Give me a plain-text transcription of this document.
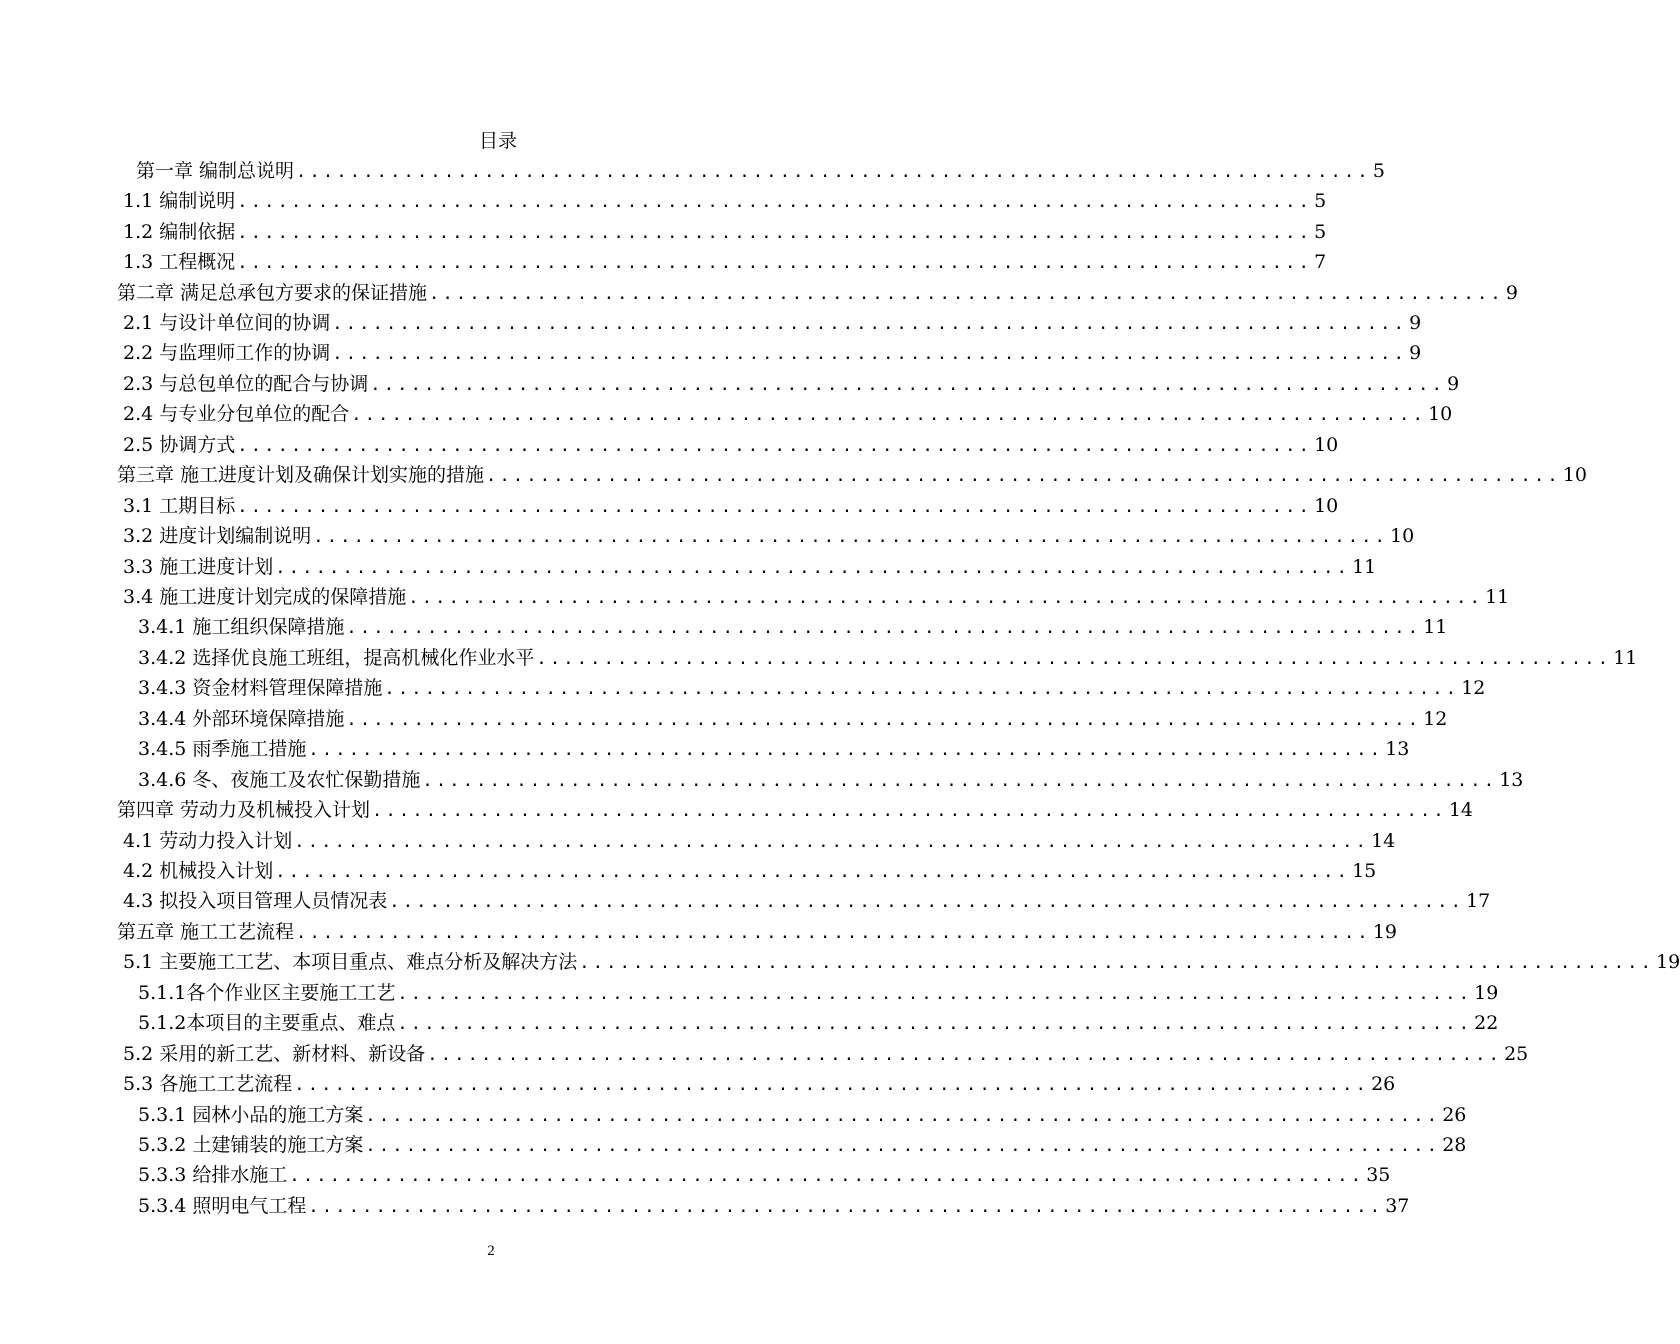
目录
第一章 编制总说明 ................................................................................ 5
1.1 编制说明 ................................................................................ 5
1.2 编制依据 ................................................................................ 5
1.3 工程概况 ................................................................................ 7
第二章 满足总承包方要求的保证措施 ................................................................................ 9
2.1 与设计单位间的协调 ................................................................................ 9
2.2 与监理师工作的协调 ................................................................................ 9
2.3 与总包单位的配合与协调 ................................................................................ 9
2.4 与专业分包单位的配合 ................................................................................ 10
2.5 协调方式 ................................................................................ 10
第三章 施工进度计划及确保计划实施的措施 ................................................................................ 10
3.1 工期目标 ................................................................................ 10
3.2 进度计划编制说明 ................................................................................ 10
3.3 施工进度计划 ................................................................................ 11
3.4 施工进度计划完成的保障措施 ................................................................................ 11
3.4.1 施工组织保障措施 ................................................................................ 11
3.4.2 选择优良施工班组，提高机械化作业水平 ................................................................................ 11
3.4.3 资金材料管理保障措施 ................................................................................ 12
3.4.4 外部环境保障措施 ................................................................................ 12
3.4.5 雨季施工措施 ................................................................................ 13
3.4.6 冬、夜施工及农忙保勤措施 ................................................................................ 13
第四章 劳动力及机械投入计划 ................................................................................ 14
4.1 劳动力投入计划 ................................................................................ 14
4.2 机械投入计划 ................................................................................ 15
4.3 拟投入项目管理人员情况表 ................................................................................ 17
第五章 施工工艺流程 ................................................................................ 19
5.1 主要施工工艺、本项目重点、难点分析及解决方法 ................................................................................ 19
5.1.1各个作业区主要施工工艺 ................................................................................ 19
5.1.2本项目的主要重点、难点 ................................................................................ 22
5.2 采用的新工艺、新材料、新设备 ................................................................................ 25
5.3 各施工工艺流程 ................................................................................ 26
5.3.1 园林小品的施工方案 ................................................................................ 26
5.3.2 土建铺装的施工方案 ................................................................................ 28
5.3.3 给排水施工 ................................................................................ 35
5.3.4 照明电气工程 ................................................................................ 37
2
